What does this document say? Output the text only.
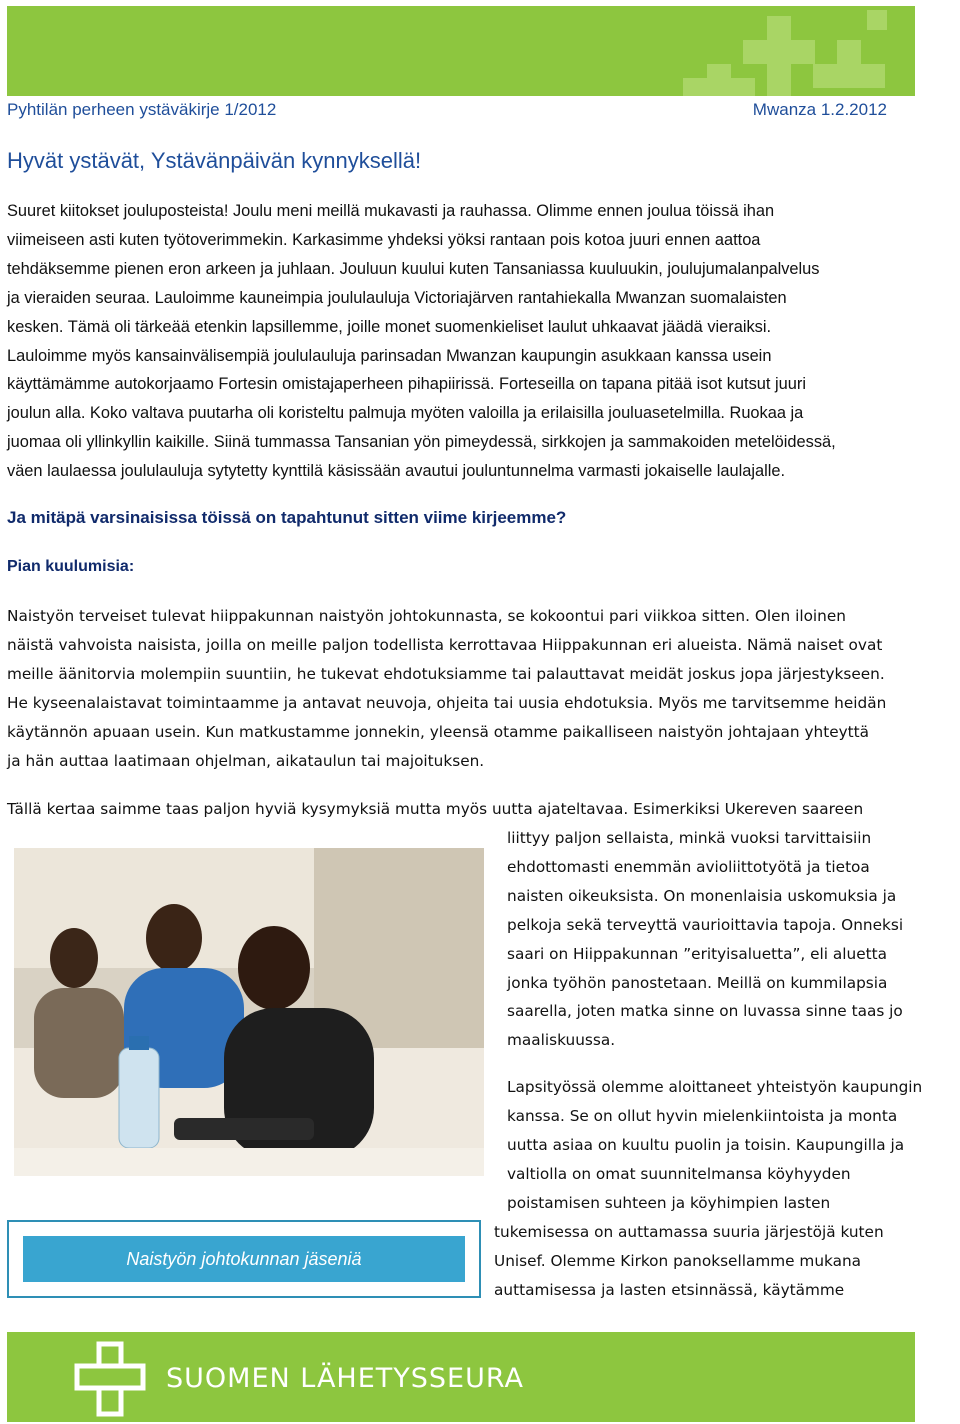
Pyhtilän perheen ystäväkirje 1/2012	Mwanza 1.2.2012
Hyvät ystävät, Ystävänpäivän kynnyksellä!
Suuret kiitokset jouluposteista! Joulu meni meillä mukavasti ja rauhassa. Olimme ennen joulua töissä ihan
viimeiseen asti kuten työtoverimmekin. Karkasimme yhdeksi yöksi rantaan pois kotoa juuri ennen aattoa
tehdäksemme pienen eron arkeen ja juhlaan. Jouluun kuului kuten Tansaniassa kuuluukin, joulujumalanpalvelus
ja vieraiden seuraa. Lauloimme kauneimpia joululauluja Victoriajärven rantahiekalla Mwanzan suomalaisten
kesken. Tämä oli tärkeää etenkin lapsillemme, joille monet suomenkieliset laulut uhkaavat jäädä vieraiksi.
Lauloimme myös kansainvälisempiä joululauluja parinsadan Mwanzan kaupungin asukkaan kanssa usein
käyttämämme autokorjaamo Fortesin omistajaperheen pihapiirissä. Forteseilla on tapana pitää isot kutsut juuri
joulun alla. Koko valtava puutarha oli koristeltu palmuja myöten valoilla ja erilaisilla jouluasetelmilla. Ruokaa ja
juomaa oli yllinkyllin kaikille. Siinä tummassa Tansanian yön pimeydessä, sirkkojen ja sammakoiden metelöidessä,
väen laulaessa joululauluja sytytetty kynttilä käsissään avautui jouluntunnelma varmasti jokaiselle laulajalle.
Ja mitäpä varsinaisissa töissä on tapahtunut sitten viime kirjeemme?
Pian kuulumisia:
Naistyön terveiset tulevat hiippakunnan naistyön johtokunnasta, se kokoontui pari viikkoa sitten. Olen iloinen
näistä vahvoista naisista, joilla on meille paljon todellista kerrottavaa Hiippakunnan eri alueista. Nämä naiset ovat
meille äänitorvia molempiin suuntiin, he tukevat ehdotuksiamme tai palauttavat meidät joskus jopa järjestykseen.
He kyseenalaistavat toimintaamme ja antavat neuvoja, ohjeita tai uusia ehdotuksia. Myös me tarvitsemme heidän
käytännön apuaan usein. Kun matkustamme jonnekin, yleensä otamme paikalliseen naistyön johtajaan yhteyttä
ja hän auttaa laatimaan ohjelman, aikataulun tai majoituksen.
Tällä kertaa saimme taas paljon hyviä kysymyksiä mutta myös uutta ajateltavaa. Esimerkiksi Ukereven saareen
liittyy paljon sellaista, minkä vuoksi tarvittaisiin
ehdottomasti enemmän avioliittotyötä ja tietoa
naisten oikeuksista. On monenlaisia uskomuksia ja
pelkoja sekä terveyttä vaurioittavia tapoja. Onneksi
saari on Hiippakunnan ”erityisaluetta”, eli aluetta
jonka työhön panostetaan. Meillä on kummilapsia
saarella, joten matka sinne on luvassa sinne taas jo
maaliskuussa.
Lapsityössä olemme aloittaneet yhteistyön kaupungin
kanssa. Se on ollut hyvin mielenkiintoista ja monta
uutta asiaa on kuultu puolin ja toisin. Kaupungilla ja
valtiolla on omat suunnitelmansa köyhyyden
poistamisen suhteen ja köyhimpien lasten
tukemisessa on auttamassa suuria järjestöjä kuten
Unisef. Olemme Kirkon panoksellamme mukana
auttamisessa ja lasten etsinnässä, käytämme
Naistyön johtokunnan jäseniä
SUOMEN LÄHETYSSEURA
